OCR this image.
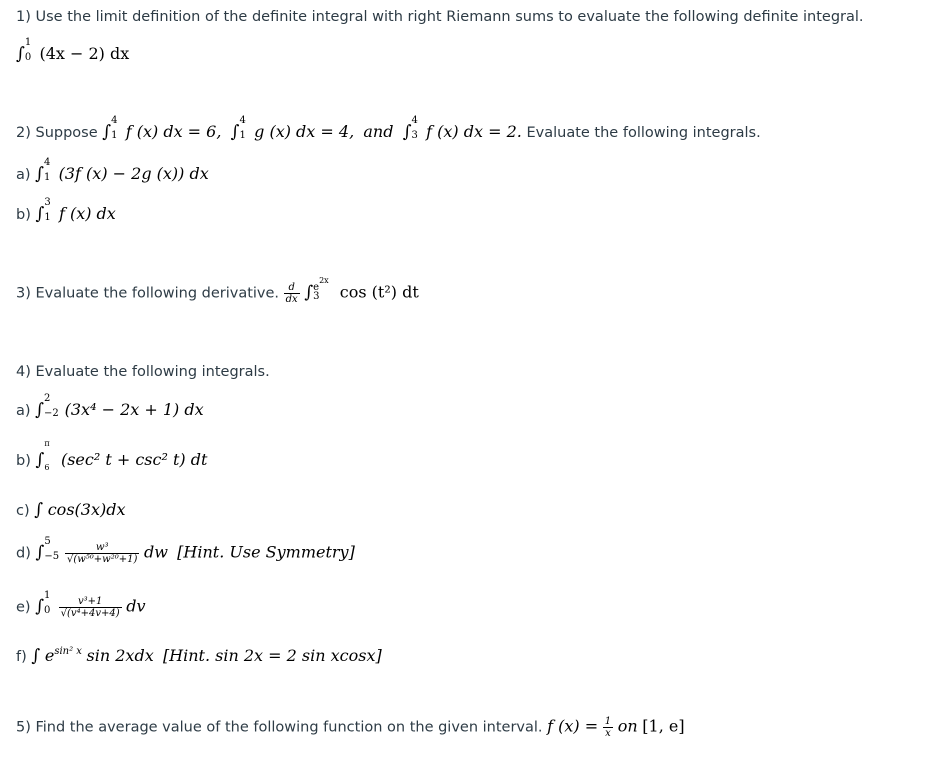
1) Use the limit definition of the definite integral with right Riemann sums to evaluate the following definite integral.
∫
1
0 (4x − 2) dx
2) Suppose ∫
4
1 f (x) dx = 6, ∫
4
1 g (x) dx = 4, and ∫
4
3 f (x) dx = 2. Evaluate the following integrals.
a) ∫
4
1 (3f (x) − 2g (x)) dx
b) ∫
3
1 f (x) dx
3) Evaluate the following derivative. $\frac{d}{dx}$ ∫ $e^{2x}$
3 cos (t²) dt
4) Evaluate the following integrals.
a) ∫
2
−2 (3x⁴ − 2x + 1) dx
b) ∫
π
6 (sec² t + csc² t) dt
c) ∫ cos(3x)dx
d) ∫
5
−5
$\frac{\text{w³}}{\text{√(w⁵⁰+w²⁰+1)}}$ dw [Hint. Use Symmetry]
e) ∫
1
0
$\frac{\text{v³+1}}{\text{√(v⁴+4v+4)}}$ dv
f) ∫ $e^{sin^2 x}$ sin 2xdx [Hint. sin 2x = 2 sin xcosx]
5) Find the average value of the following function on the given interval. f $(x) = \frac{1}{x}$ on [1, e]
